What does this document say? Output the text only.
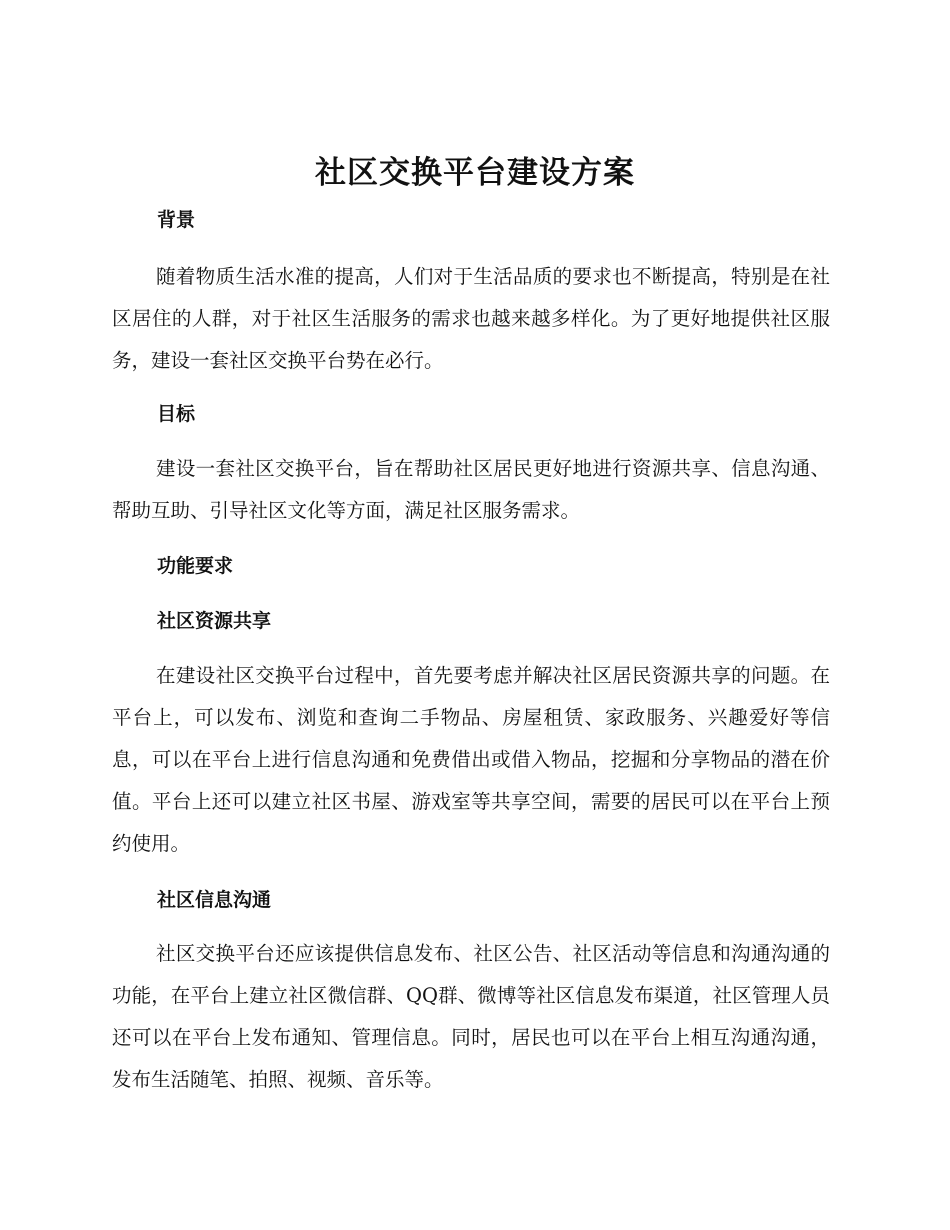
社区交换平台建设方案
背景

随着物质生活水准的提高，人们对于生活品质的要求也不断提高，特别是在社区居住的人群，对于社区生活服务的需求也越来越多样化。为了更好地提供社区服务，建设一套社区交换平台势在必行。

目标

建设一套社区交换平台，旨在帮助社区居民更好地进行资源共享、信息沟通、帮助互助、引导社区文化等方面，满足社区服务需求。

功能要求
社区资源共享

在建设社区交换平台过程中，首先要考虑并解决社区居民资源共享的问题。在平台上，可以发布、浏览和查询二手物品、房屋租赁、家政服务、兴趣爱好等信息，可以在平台上进行信息沟通和免费借出或借入物品，挖掘和分享物品的潜在价值。平台上还可以建立社区书屋、游戏室等共享空间，需要的居民可以在平台上预约使用。

社区信息沟通

社区交换平台还应该提供信息发布、社区公告、社区活动等信息和沟通沟通的功能，在平台上建立社区微信群、QQ群、微博等社区信息发布渠道，社区管理人员还可以在平台上发布通知、管理信息。同时，居民也可以在平台上相互沟通沟通，发布生活随笔、拍照、视频、音乐等。
